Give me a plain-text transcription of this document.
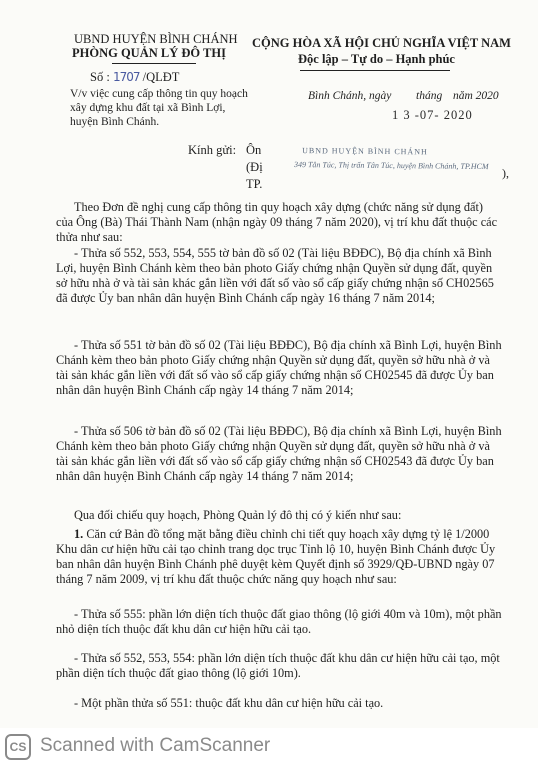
UBND HUYỆN BÌNH CHÁNH
PHÒNG QUẢN LÝ ĐÔ THỊ
Số : 1707 /QLĐT

V/v việc cung cấp thông tin quy hoạch xây dựng khu đất tại xã Bình Lợi, huyện Bình Chánh.

CỘNG HÒA XÃ HỘI CHỦ NGHĨA VIỆT NAM
Độc lập – Tự do – Hạnh phúc
Bình Chánh, ngày tháng năm 2020
1 3 -07- 2020
Kính gửi: Ôn
(Đị
TP.
UBND HUYỆN BÌNH CHÁNH
349 Tân Túc, Thị trấn Tân Túc, huyện Bình Chánh, TP.HCM
),

Theo Đơn đề nghị cung cấp thông tin quy hoạch xây dựng (chức năng sử dụng đất) của Ông (Bà) Thái Thành Nam (nhận ngày 09 tháng 7 năm 2020), vị trí khu đất thuộc các thửa như sau:

- Thửa số 552, 553, 554, 555 tờ bản đồ số 02 (Tài liệu BĐĐC), Bộ địa chính xã Bình Lợi, huyện Bình Chánh kèm theo bản photo Giấy chứng nhận Quyền sử dụng đất, quyền sở hữu nhà ở và tài sản khác gắn liền với đất số vào sổ cấp giấy chứng nhận số CH02565 đã được Ủy ban nhân dân huyện Bình Chánh cấp ngày 16 tháng 7 năm 2014;

- Thửa số 551 tờ bản đồ số 02 (Tài liệu BĐĐC), Bộ địa chính xã Bình Lợi, huyện Bình Chánh kèm theo bản photo Giấy chứng nhận Quyền sử dụng đất, quyền sở hữu nhà ở và tài sản khác gắn liền với đất số vào sổ cấp giấy chứng nhận số CH02545 đã được Ủy ban nhân dân huyện Bình Chánh cấp ngày 14 tháng 7 năm 2014;

- Thửa số 506 tờ bản đồ số 02 (Tài liệu BĐĐC), Bộ địa chính xã Bình Lợi, huyện Bình Chánh kèm theo bản photo Giấy chứng nhận Quyền sử dụng đất, quyền sở hữu nhà ở và tài sản khác gắn liền với đất số vào sổ cấp giấy chứng nhận số CH02543 đã được Ủy ban nhân dân huyện Bình Chánh cấp ngày 14 tháng 7 năm 2014;

Qua đối chiếu quy hoạch, Phòng Quản lý đô thị có ý kiến như sau:

1. Căn cứ Bản đồ tổng mặt bằng điều chỉnh chi tiết quy hoạch xây dựng tỷ lệ 1/2000 Khu dân cư hiện hữu cải tạo chỉnh trang dọc trục Tỉnh lộ 10, huyện Bình Chánh được Ủy ban nhân dân huyện Bình Chánh phê duyệt kèm Quyết định số 3929/QĐ-UBND ngày 07 tháng 7 năm 2009, vị trí khu đất thuộc chức năng quy hoạch như sau:

- Thửa số 555: phần lớn diện tích thuộc đất giao thông (lộ giới 40m và 10m), một phần nhỏ diện tích thuộc đất khu dân cư hiện hữu cải tạo.

- Thửa số 552, 553, 554: phần lớn diện tích thuộc đất khu dân cư hiện hữu cải tạo, một phần diện tích thuộc đất giao thông (lộ giới 10m).

- Một phần thửa số 551: thuộc đất khu dân cư hiện hữu cải tạo.

CS Scanned with CamScanner
